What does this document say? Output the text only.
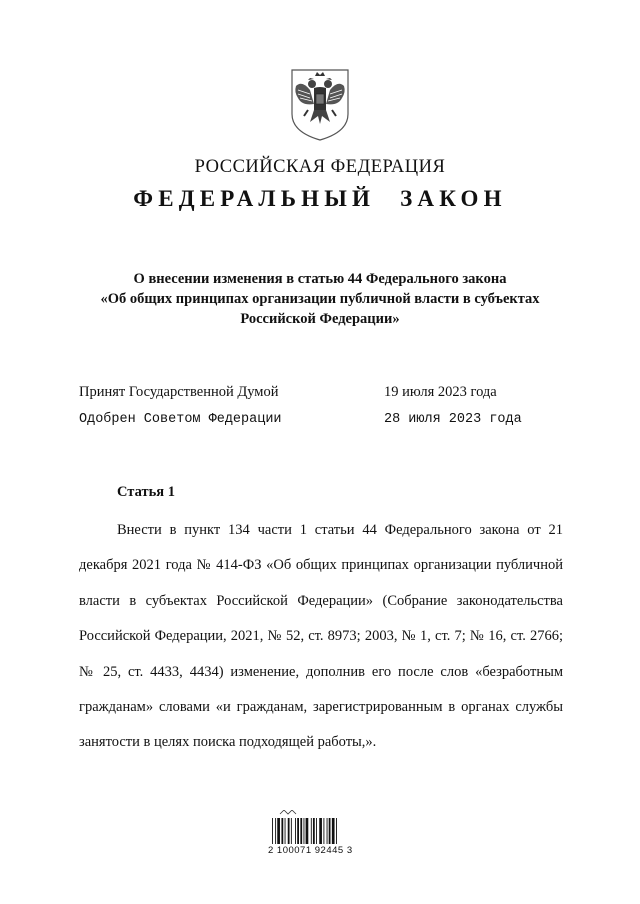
РОССИЙСКАЯ ФЕДЕРАЦИЯ
ФЕДЕРАЛЬНЫЙ ЗАКОН
О внесении изменения в статью 44 Федерального закона
«Об общих принципах организации публичной власти в субъектах
Российской Федерации»
Принят Государственной Думой	19 июля 2023 года
Одобрен Советом Федерации	28 июля 2023 года
Статья 1
Внести в пункт 134 части 1 статьи 44 Федерального закона от 21 декабря 2021 года № 414-ФЗ «Об общих принципах организации публичной власти в субъектах Российской Федерации» (Собрание законодательства Российской Федерации, 2021, № 52, ст. 8973; 2003, № 1, ст. 7; № 16, ст. 2766; № 25, ст. 4433, 4434) изменение, дополнив его после слов «безработным гражданам» словами «и гражданам, зарегистрированным в органах службы занятости в целях поиска подходящей работы,».
2 100071 92445 3
